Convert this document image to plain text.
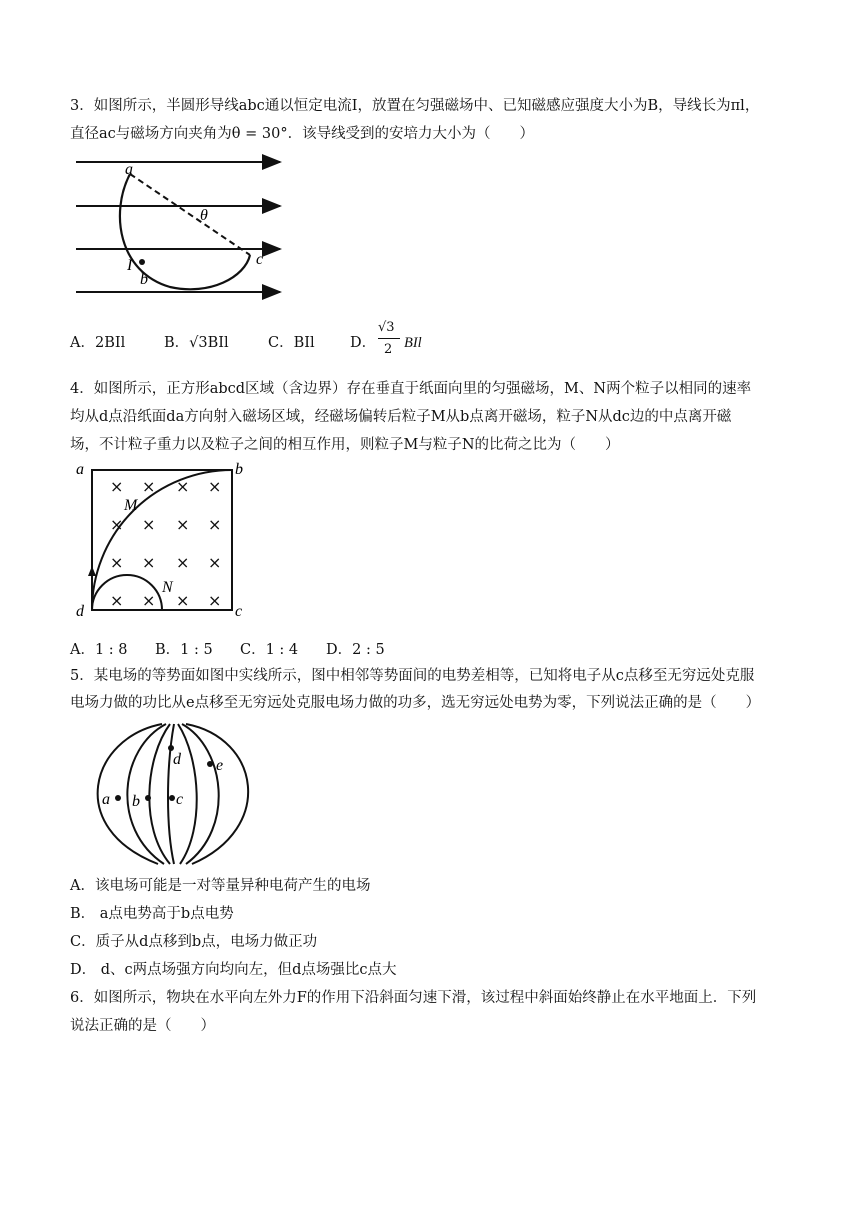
3．如图所示，半圆形导线abc通以恒定电流I，放置在匀强磁场中、已知磁感应强度大小为B，导线长为πl，
直径ac与磁场方向夹角为θ = 30°．该导线受到的安培力大小为（　　）
a
θ
I
b
c
A．2BIl	B．√3BIl	C．BIl D．
√3
2 BIl
4．如图所示，正方形abcd区域（含边界）存在垂直于纸面向里的匀强磁场，M、N两个粒子以相同的速率
均从d点沿纸面da方向射入磁场区域，经磁场偏转后粒子M从b点离开磁场，粒子N从dc边的中点离开磁
场，不计粒子重力以及粒子之间的相互作用，则粒子M与粒子N的比荷之比为（　　）
× × × ×
× × × ×
× × × ×
× × × ×
a	b
c
d
M
N
A．1 : 8 B．1 : 5 C．1 : 4 D．2 : 5
5．某电场的等势面如图中实线所示，图中相邻等势面间的电势差相等，已知将电子从c点移至无穷远处克服
电场力做的功比从e点移至无穷远处克服电场力做的功多，选无穷远处电势为零，下列说法正确的是（　　）
a b c
d e
A．该电场可能是一对等量异种电荷产生的电场
B． a点电势高于b点电势
C．质子从d点移到b点，电场力做正功
D． d、c两点场强方向均向左，但d点场强比c点大
6．如图所示，物块在水平向左外力F的作用下沿斜面匀速下滑，该过程中斜面始终静止在水平地面上．下列
说法正确的是（　　）
